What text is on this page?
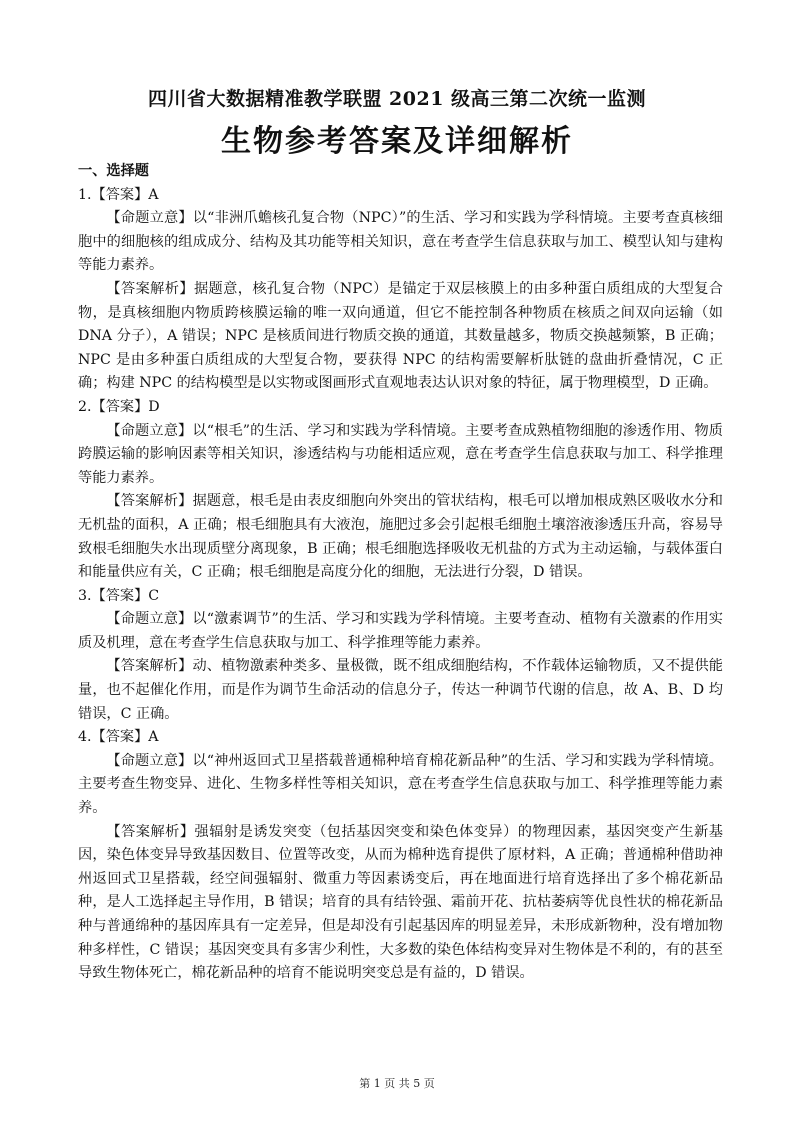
四川省大数据精准教学联盟 2021 级高三第二次统一监测
生物参考答案及详细解析
一、选择题

1.【答案】A

【命题立意】以“非洲爪蟾核孔复合物（NPC）”的生活、学习和实践为学科情境。主要考查真核细胞中的细胞核的组成成分、结构及其功能等相关知识，意在考查学生信息获取与加工、模型认知与建构等能力素养。

【答案解析】据题意，核孔复合物（NPC）是锚定于双层核膜上的由多种蛋白质组成的大型复合物，是真核细胞内物质跨核膜运输的唯一双向通道，但它不能控制各种物质在核质之间双向运输（如 DNA 分子），A 错误；NPC 是核质间进行物质交换的通道，其数量越多，物质交换越频繁，B 正确；NPC 是由多种蛋白质组成的大型复合物，要获得 NPC 的结构需要解析肽链的盘曲折叠情况，C 正确；构建 NPC 的结构模型是以实物或图画形式直观地表达认识对象的特征，属于物理模型，D 正确。

2.【答案】D

【命题立意】以“根毛”的生活、学习和实践为学科情境。主要考查成熟植物细胞的渗透作用、物质跨膜运输的影响因素等相关知识，渗透结构与功能相适应观，意在考查学生信息获取与加工、科学推理等能力素养。

【答案解析】据题意，根毛是由表皮细胞向外突出的管状结构，根毛可以增加根成熟区吸收水分和无机盐的面积，A 正确；根毛细胞具有大液泡，施肥过多会引起根毛细胞土壤溶液渗透压升高，容易导致根毛细胞失水出现质壁分离现象，B 正确；根毛细胞选择吸收无机盐的方式为主动运输，与载体蛋白和能量供应有关，C 正确；根毛细胞是高度分化的细胞，无法进行分裂，D 错误。

3.【答案】C

【命题立意】以“激素调节”的生活、学习和实践为学科情境。主要考查动、植物有关激素的作用实质及机理，意在考查学生信息获取与加工、科学推理等能力素养。

【答案解析】动、植物激素种类多、量极微，既不组成细胞结构，不作载体运输物质，又不提供能量，也不起催化作用，而是作为调节生命活动的信息分子，传达一种调节代谢的信息，故 A、B、D 均错误，C 正确。

4.【答案】A

【命题立意】以“神州返回式卫星搭载普通棉种培育棉花新品种”的生活、学习和实践为学科情境。主要考查生物变异、进化、生物多样性等相关知识，意在考查学生信息获取与加工、科学推理等能力素养。

【答案解析】强辐射是诱发突变（包括基因突变和染色体变异）的物理因素，基因突变产生新基因，染色体变异导致基因数目、位置等改变，从而为棉种选育提供了原材料，A 正确；普通棉种借助神州返回式卫星搭载，经空间强辐射、微重力等因素诱变后，再在地面进行培育选择出了多个棉花新品种，是人工选择起主导作用，B 错误；培育的具有结铃强、霜前开花、抗枯萎病等优良性状的棉花新品种与普通绵种的基因库具有一定差异，但是却没有引起基因库的明显差异，未形成新物种，没有增加物种多样性，C 错误；基因突变具有多害少利性，大多数的染色体结构变异对生物体是不利的，有的甚至导致生物体死亡，棉花新品种的培育不能说明突变总是有益的，D 错误。

第 1 页 共 5 页
